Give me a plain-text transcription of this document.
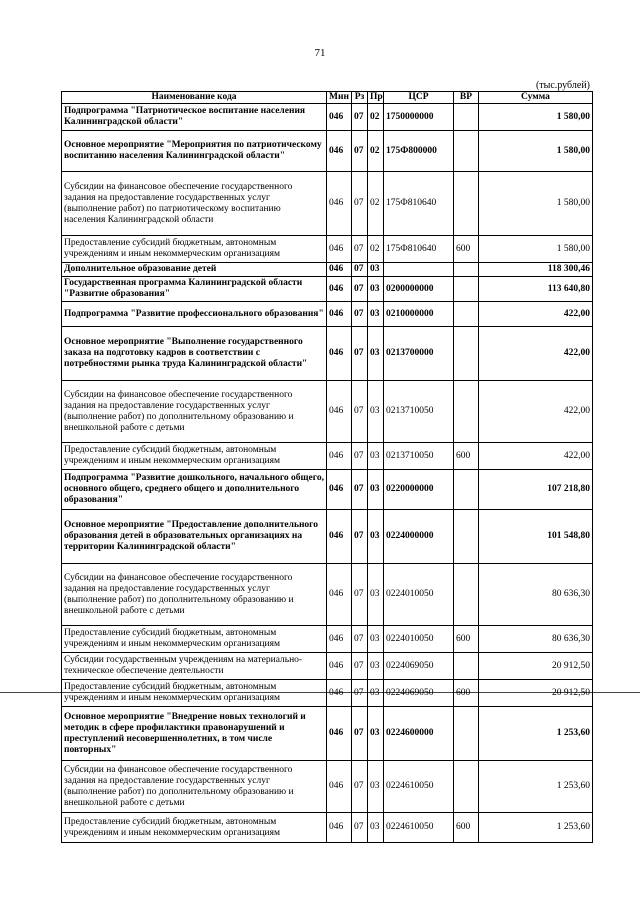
71
(тыс.рублей)
Наименование кода	Мин	Рз	Пр	ЦСР	ВР	Сумма
Подпрограмма "Патриотическое воспитание населения Калининградской области"	046	07	02	1750000000		1 580,00
Основное мероприятие "Мероприятия по патриотическому воспитанию населения Калининградской области"	046	07	02	175Ф800000		1 580,00
Субсидии на финансовое обеспечение государственного задания на предоставление государственных услуг (выполнение работ) по патриотическому воспитанию населения Калининградской области	046	07	02	175Ф810640		1 580,00
Предоставление субсидий бюджетным, автономным учреждениям и иным некоммерческим организациям	046	07	02	175Ф810640	600	1 580,00
Дополнительное образование детей	046	07	03			118 300,46
Государственная программа Калининградской области "Развитие образования"	046	07	03	0200000000		113 640,80
Подпрограмма "Развитие профессионального образования"	046	07	03	0210000000		422,00
Основное мероприятие "Выполнение государственного заказа на подготовку кадров в соответствии с потребностями рынка труда Калининградской области"	046	07	03	0213700000		422,00
Субсидии на финансовое обеспечение государственного задания на предоставление государственных услуг (выполнение работ) по дополнительному образованию и внешкольной работе с детьми	046	07	03	0213710050		422,00
Предоставление субсидий бюджетным, автономным учреждениям и иным некоммерческим организациям	046	07	03	0213710050	600	422,00
Подпрограмма "Развитие дошкольного, начального общего, основного общего, среднего общего и дополнительного образования"	046	07	03	0220000000		107 218,80
Основное мероприятие "Предоставление дополнительного образования детей в образовательных организациях на территории Калининградской области"	046	07	03	0224000000		101 548,80
Субсидии на финансовое обеспечение государственного задания на предоставление государственных услуг (выполнение работ) по дополнительному образованию и внешкольной работе с детьми	046	07	03	0224010050		80 636,30
Предоставление субсидий бюджетным, автономным учреждениям и иным некоммерческим организациям	046	07	03	0224010050	600	80 636,30
Субсидии государственным учреждениям на материально-техническое обеспечение деятельности	046	07	03	0224069050		20 912,50
Предоставление субсидий бюджетным, автономным учреждениям и иным некоммерческим организациям	046	07	03	0224069050	600	20 912,50
Основное мероприятие "Внедрение новых технологий и методик в сфере профилактики правонарушений и преступлений несовершеннолетних, в том числе повторных"	046	07	03	0224600000		1 253,60
Субсидии на финансовое обеспечение государственного задания на предоставление государственных услуг (выполнение работ) по дополнительному образованию и внешкольной работе с детьми	046	07	03	0224610050		1 253,60
Предоставление субсидий бюджетным, автономным учреждениям и иным некоммерческим организациям	046	07	03	0224610050	600	1 253,60
